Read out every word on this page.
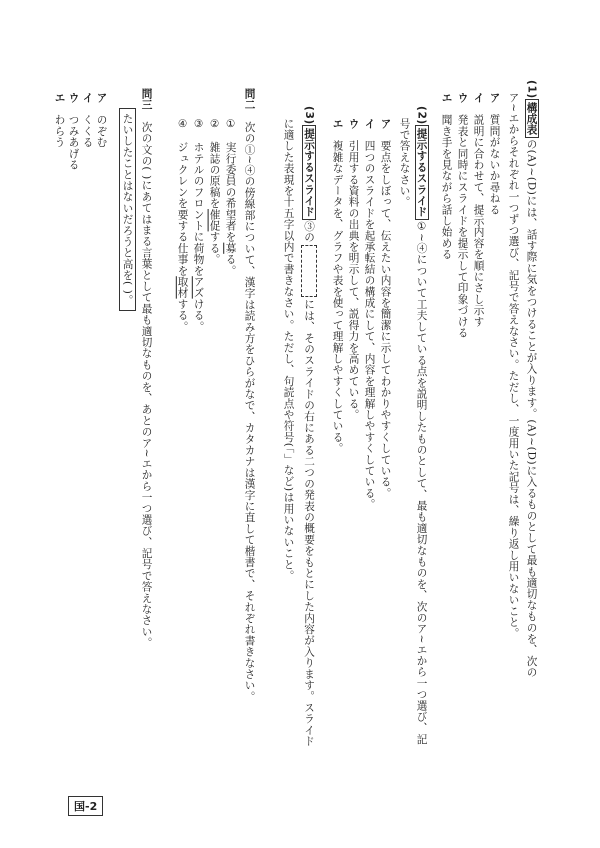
(1)構成表の(A)~(D)には、話す際に気をつけることが入ります。(A)~(D)に入るものとして最も適切なものを、次の
ア~エからそれぞれ一つずつ選び、記号で答えなさい。ただし、一度用いた記号は、繰り返し用いないこと。
ア　質問がないか尋ねる
イ　説明に合わせて、提示内容を順にさし示す
ウ　発表と同時にスライドを提示して印象づける
エ　聞き手を見ながら話し始める
(2)提示するスライド①~④について工夫している点を説明したものとして、最も適切なものを、次のア~エから一つ選び、記
号で答えなさい。
ア　要点をしぼって、伝えたい内容を簡潔に示してわかりやすくしている。
イ　四つのスライドを起承転結の構成にして、内容を理解しやすくしている。
ウ　引用する資料の出典を明示して、説得力を高めている。
エ　複雑なデータを、グラフや表を使って理解しやすくしている。
(3)提示するスライド③のには、そのスライドの右にある二つの発表の概要をもとにした内容が入ります。スライド
に適した表現を十五字以内で書きなさい。ただし、句読点や符号(「」など)は用いないこと。
問二　次の①~④の傍線部について、漢字は読み方をひらがなで、カタカナは漢字に直して楷書で、それぞれ書きなさい。
①　実行委員の希望者を募る。
②　雑誌の原稿を催促する。
③　ホテルのフロントに荷物をアズける。
④　ジュクレンを要する仕事を取材する。
問三　次の文の( )にあてはまる言葉として最も適切なものを、あとのア~エから一つ選び、記号で答えなさい。
たいしたことはないだろうと高を( )。
ア　のぞむ
イ　くくる
ウ　つみあげる
エ　わらう
国-2
